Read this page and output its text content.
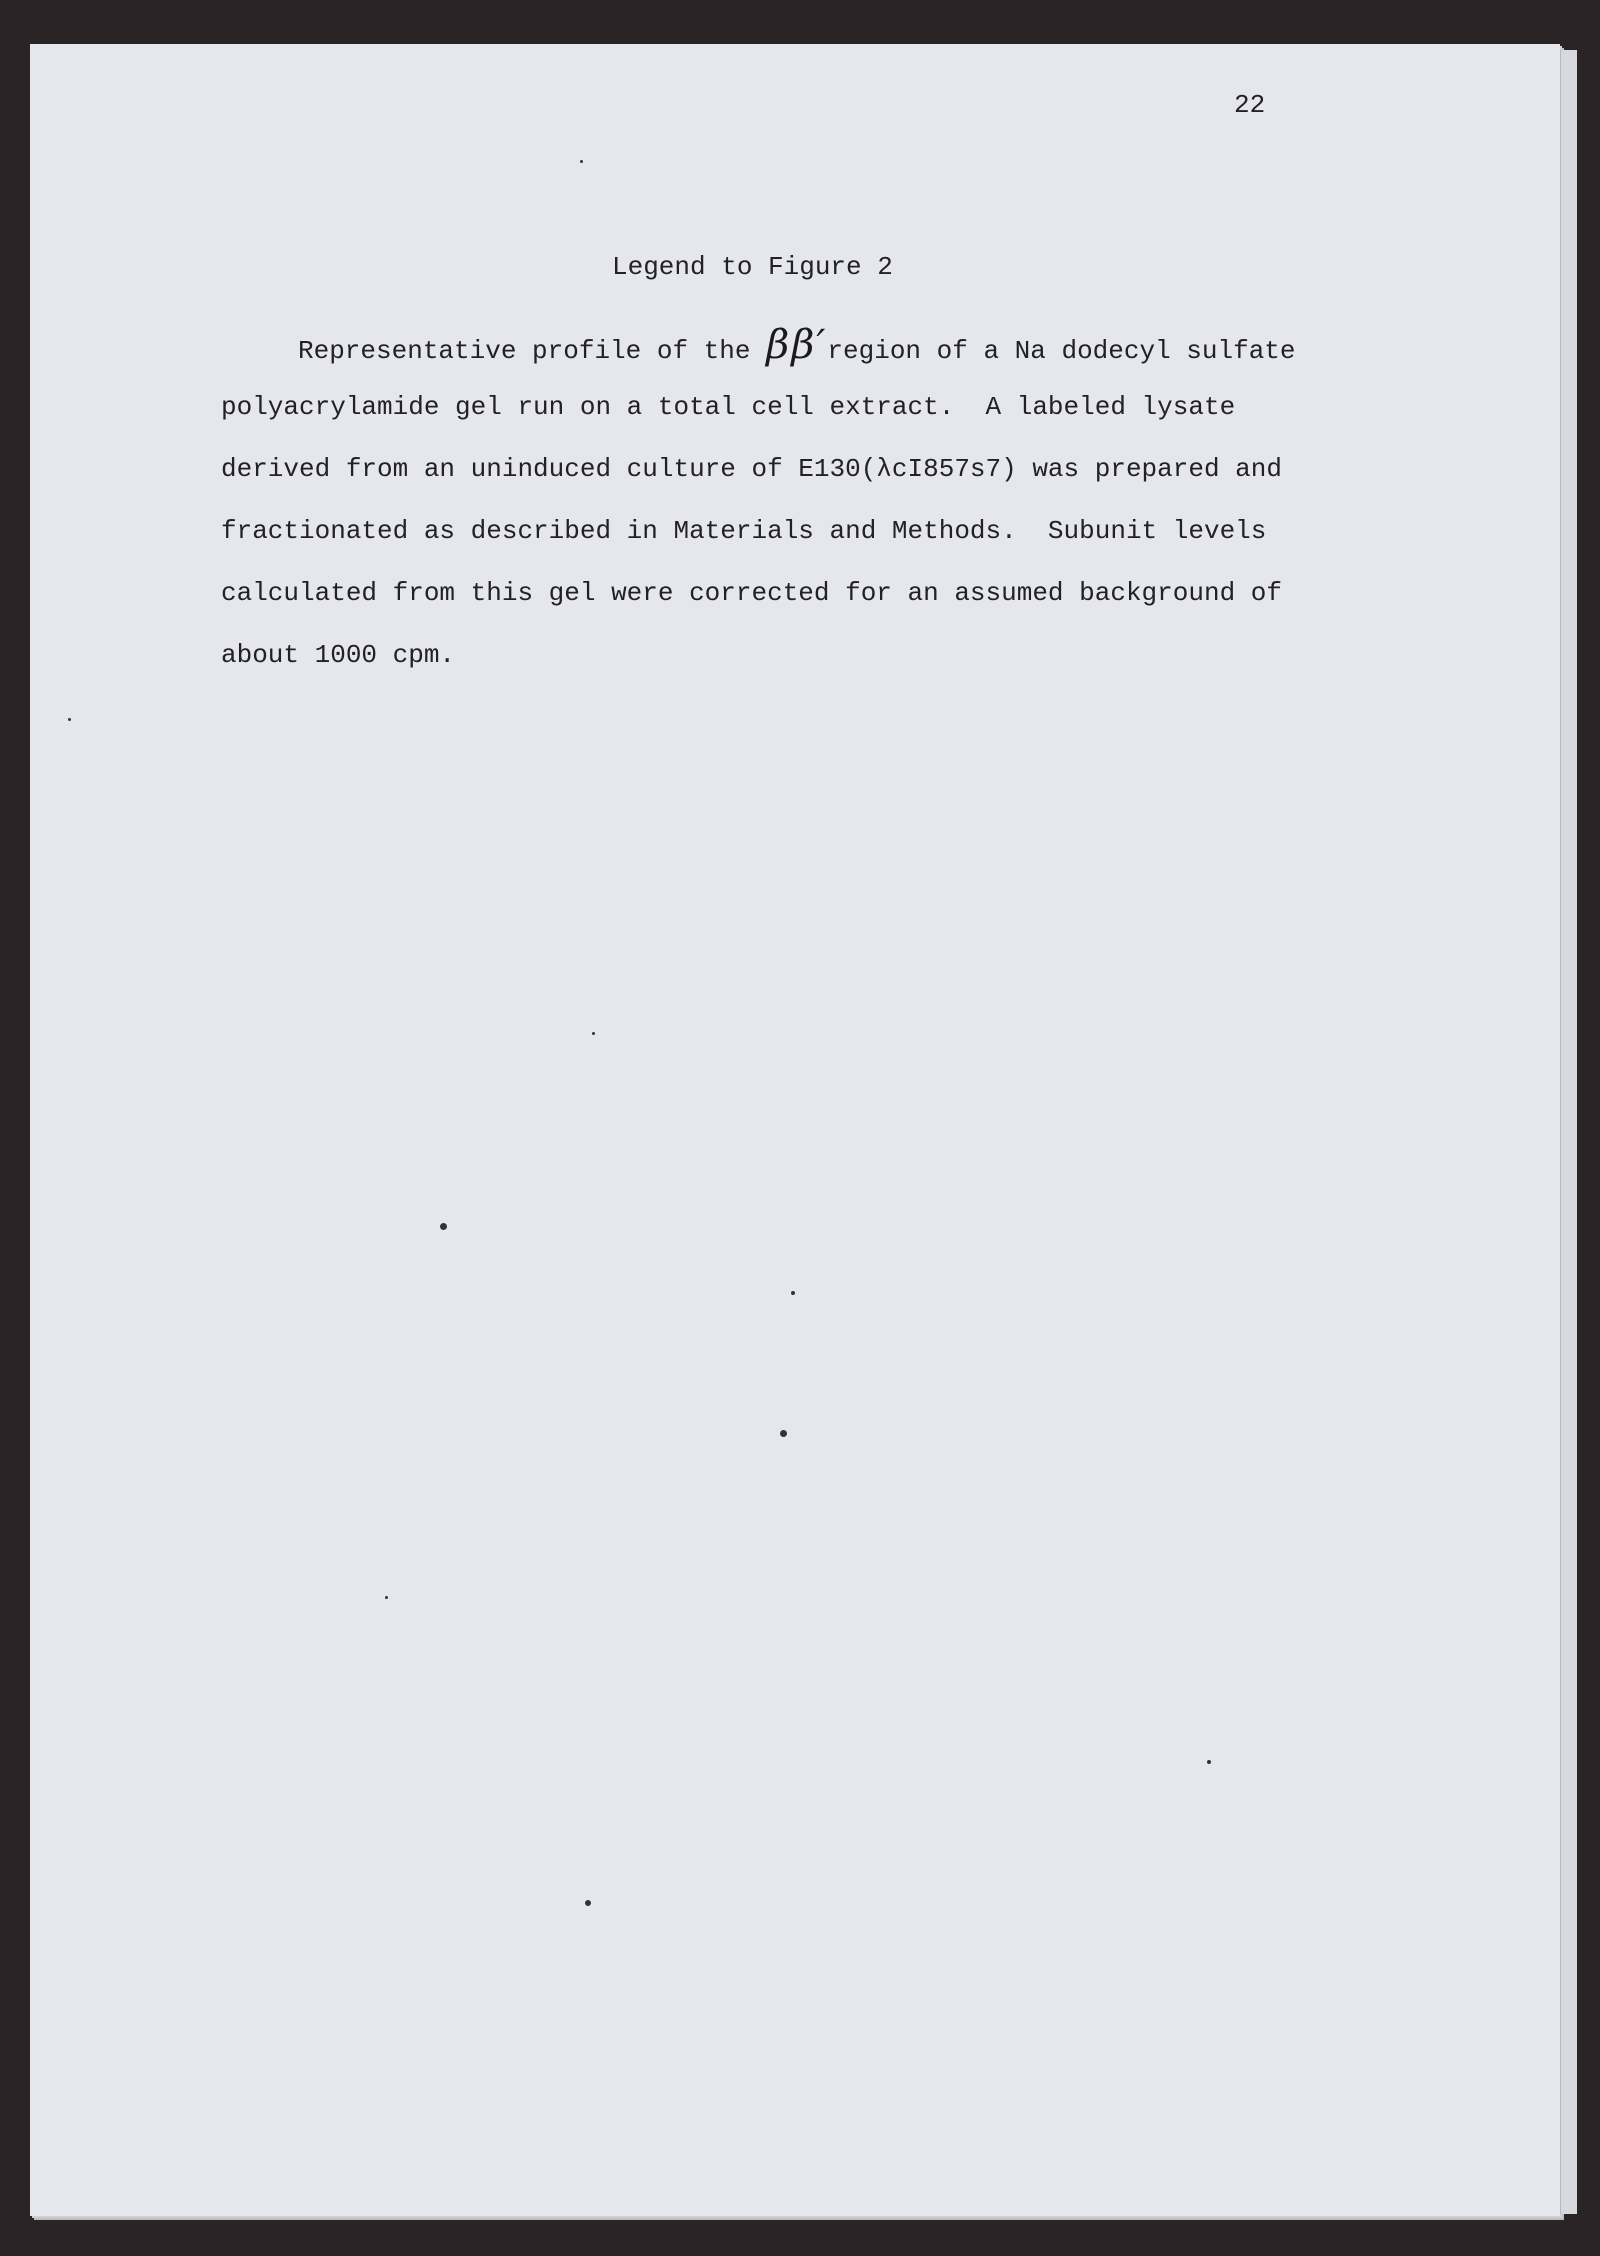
22
Legend to Figure 2
Representative profile of the ββ′region of a Na dodecyl sulfate
polyacrylamide gel run on a total cell extract.  A labeled lysate
derived from an uninduced culture of E130(λcI857s7) was prepared and
fractionated as described in Materials and Methods.  Subunit levels
calculated from this gel were corrected for an assumed background of
about 1000 cpm.
